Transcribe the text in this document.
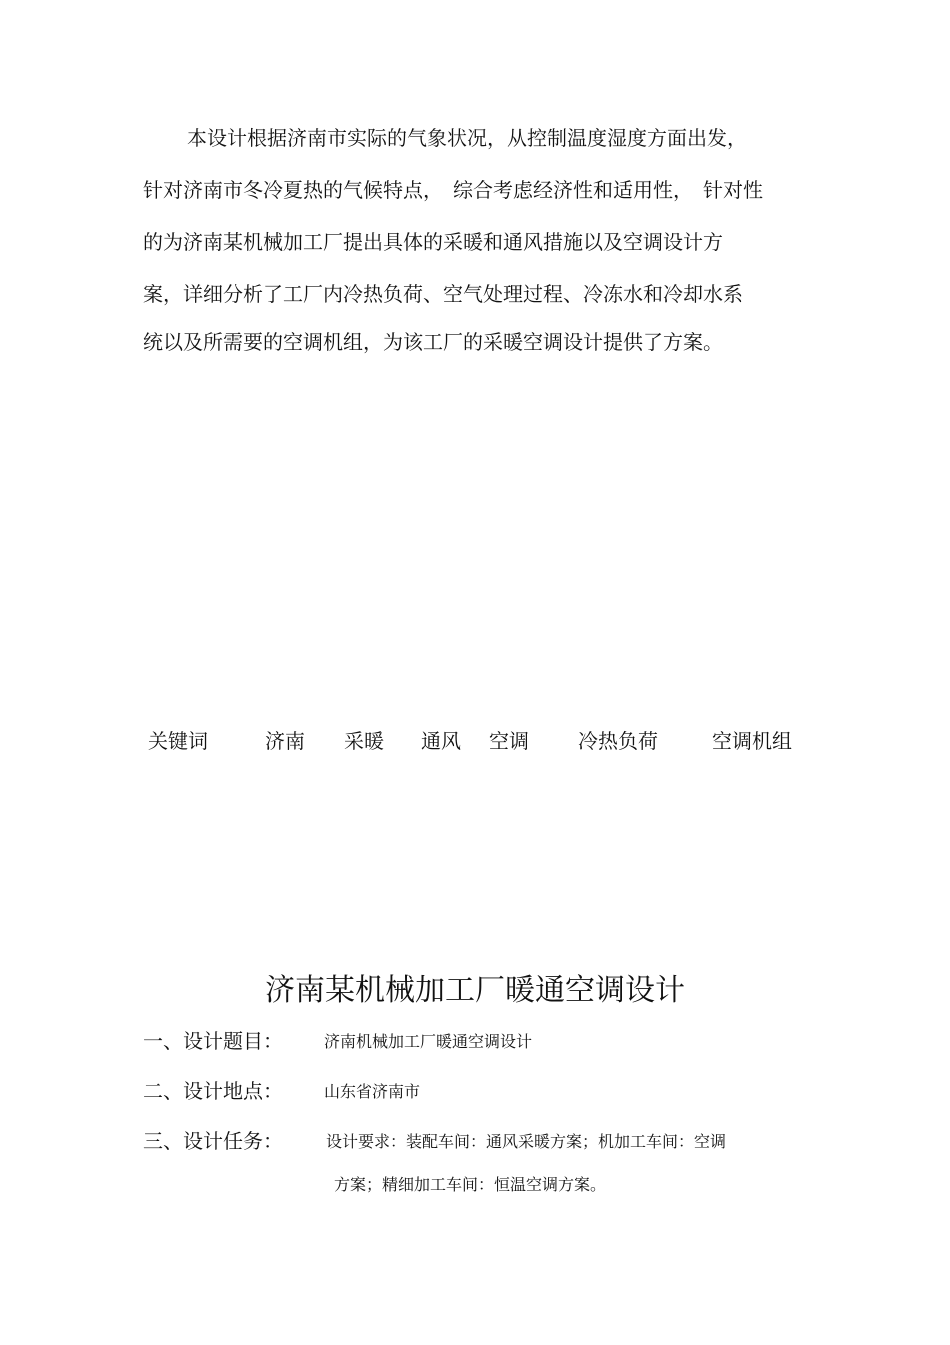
本设计根据济南市实际的气象状况，从控制温度湿度方面出发，
针对济南市冬冷夏热的气候特点，　综合考虑经济性和适用性，　针对性
的为济南某机械加工厂提出具体的采暖和通风措施以及空调设计方
案，详细分析了工厂内冷热负荷、空气处理过程、冷冻水和冷却水系
统以及所需要的空调机组，为该工厂的采暖空调设计提供了方案。
关键词	济南 采暖 通风 空调 冷热负荷	空调机组
济南某机械加工厂暖通空调设计
一、设计题目：	济南机械加工厂暖通空调设计
二、设计地点：	山东省济南市
三、设计任务：	设计要求：装配车间：通风采暖方案；机加工车间：空调
方案；精细加工车间：恒温空调方案。
